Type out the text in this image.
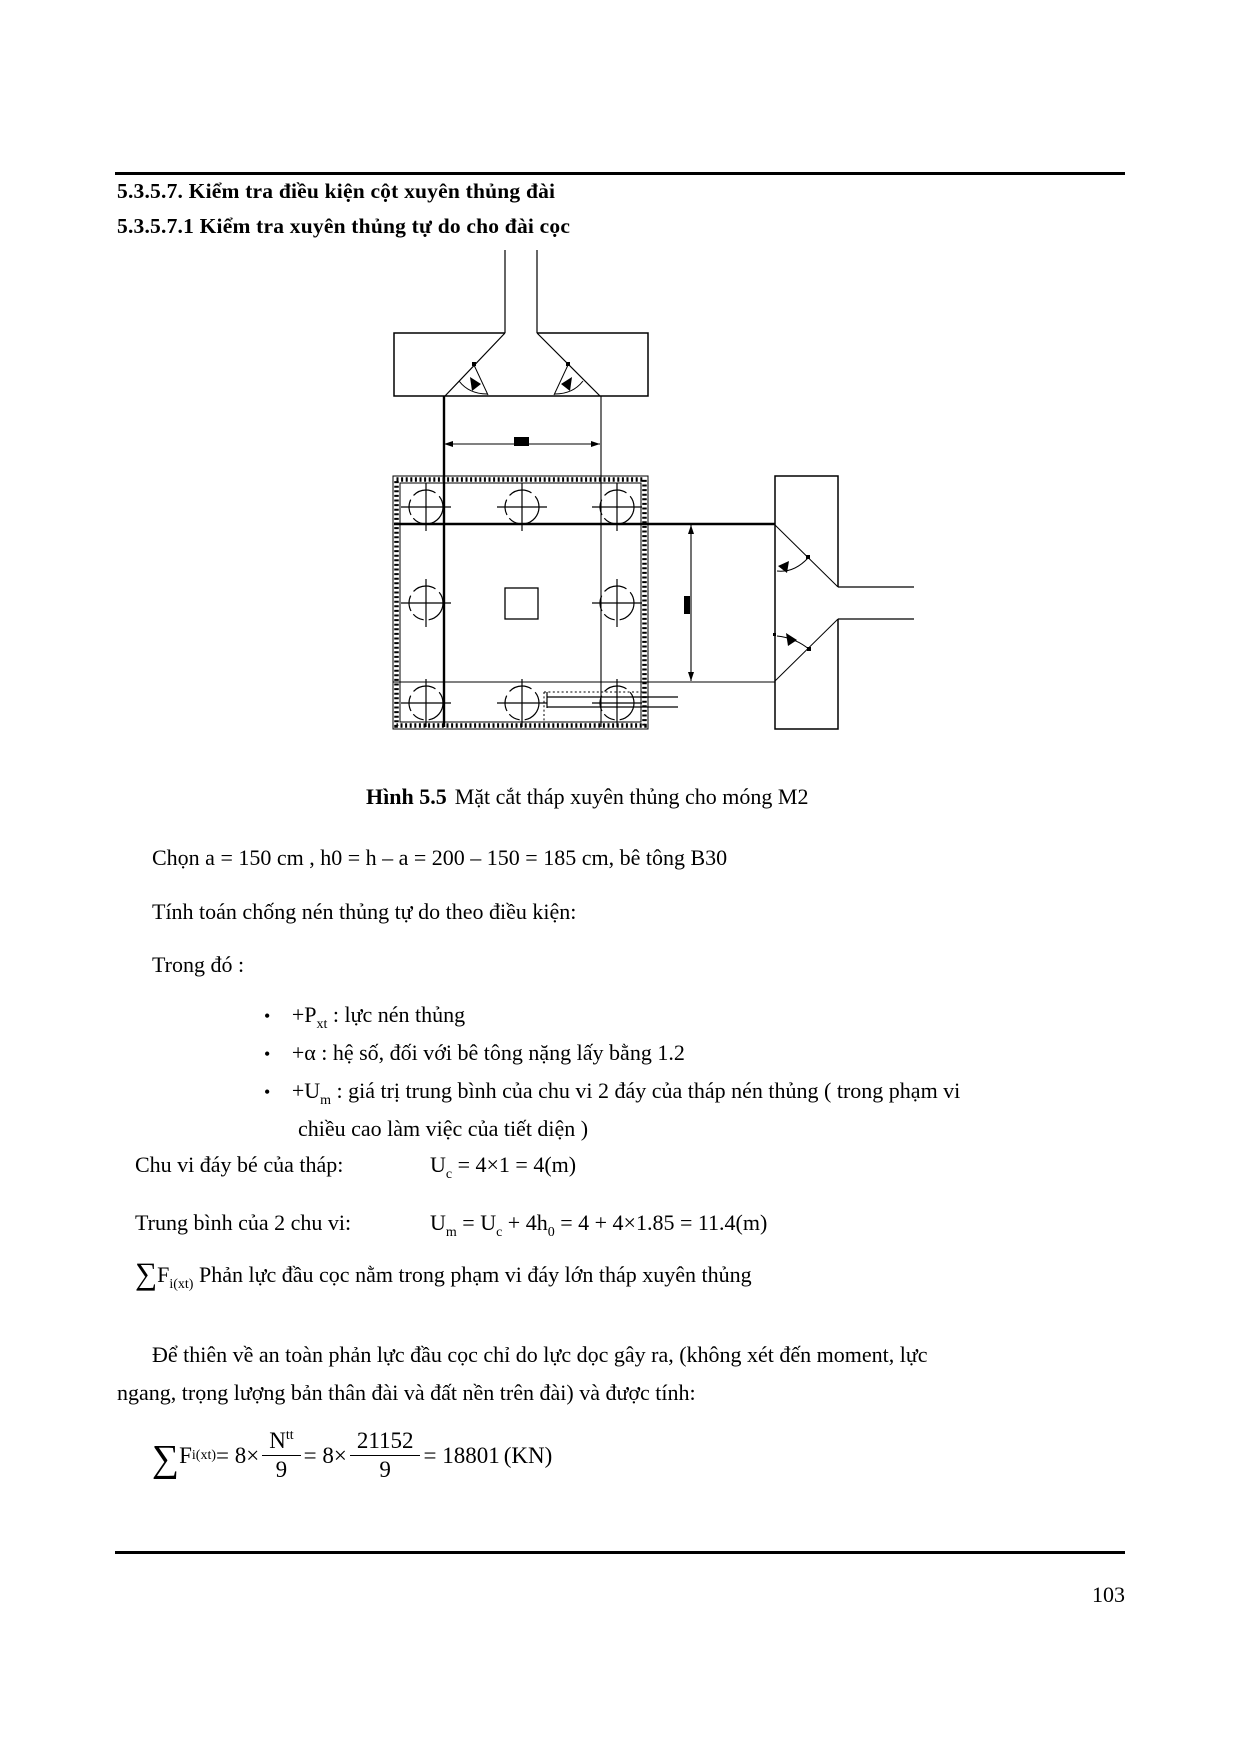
5.3.5.7. Kiểm tra điều kiện cột xuyên thủng đài
5.3.5.7.1 Kiểm tra xuyên thủng tự do cho đài cọc
Hình 5.5 Mặt cắt tháp xuyên thủng cho móng M2
Chọn a = 150 cm , h0 = h – a = 200 – 150 = 185 cm, bê tông B30
Tính toán chống nén thủng tự do theo điều kiện:
Trong đó :
• $+P_{xt}$ : lực nén thủng
• +α : hệ số, đối với bê tông nặng lấy bằng 1.2
• $+U_m$ : giá trị trung bình của chu vi 2 đáy của tháp nén thủng ( trong phạm vi
chiều cao làm việc của tiết diện )
Chu vi đáy bé của tháp:	$U_c = 4\times 1 = 4(m)$
Trung bình của 2 chu vi:	$U_m = U_c + 4h_0 = 4 + 4\times 1.85 = 11.4(m)$
$\sum F_{i(xt)}$ Phản lực đầu cọc nằm trong phạm vi đáy lớn tháp xuyên thủng
Để thiên về an toàn phản lực đầu cọc chỉ do lực dọc gây ra, (không xét đến moment, lực
ngang, trọng lượng bản thân đài và đất nền trên đài) và được tính:
∑ F $i(xt) = 8\times \frac{N^{tt}}{9} = 8\times \frac{21152}{9} = 18801$ (KN)
103
